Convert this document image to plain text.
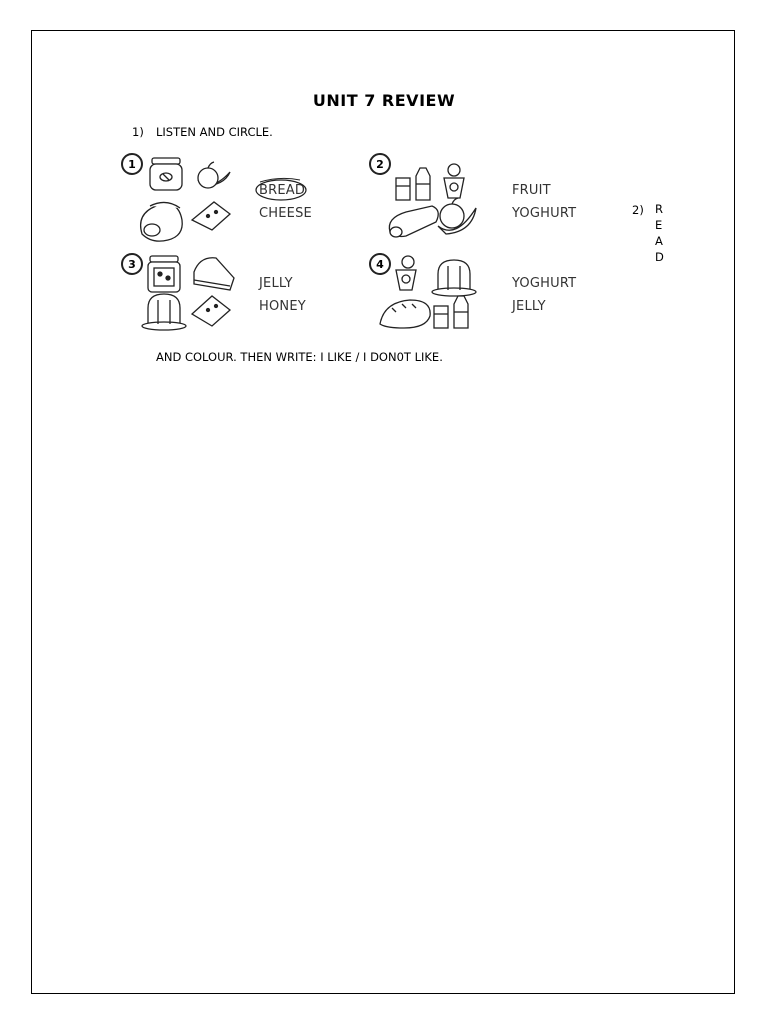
UNIT 7 REVIEW
1) LISTEN AND CIRCLE.
1
BREAD
CHEESE
2
FRUIT
YOGHURT
3
JELLY
HONEY
4
YOGHURT
JELLY
2) R
E
A
D
AND COLOUR. THEN WRITE: I LIKE / I DON0T LIKE.
